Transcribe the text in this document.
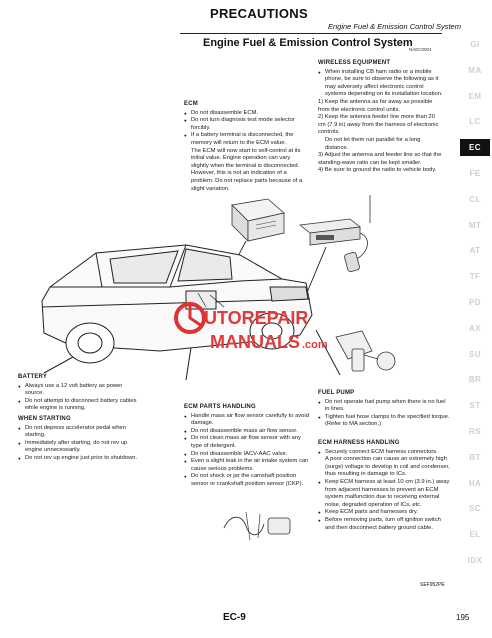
PRECAUTIONS
Engine Fuel & Emission Control System
Engine Fuel & Emission Control System
NAEC0004
WIRELESS EQUIPMENT
● When installing CB ham radio or a mobile phone, be sure to observe the following as it may adversely affect electronic control systems depending on its installation location.
1) Keep the antenna as far away as possible from the electronic control units.
2) Keep the antenna feeder line more than 20 cm (7.9 in) away from the harness of electronic controls.
Do not let them run parallel for a long distance.
3) Adjust the antenna and feeder line so that the standing-wave ratio can be kept smaller.
4) Be sure to ground the radio to vehicle body.
ECM
● Do not disassemble ECM.
● Do not turn diagnosis test mode selector forcibly.
● If a battery terminal is disconnected, the memory will return to the ECM value.
The ECM will now start to self-control at its initial value. Engine operation can vary slightly when the terminal is disconnected. However, this is not an indication of a problem. Do not replace parts because of a slight variation.
UTOREPAIR
MANUALS .com
BATTERY
● Always use a 12 volt battery as power source.
● Do not attempt to disconnect battery cables while engine is running.
WHEN STARTING
● Do not depress accelerator pedal when starting.
● Immediately after starting, do not rev up engine unnecessarily.
● Do not rev up engine just prior to shutdown.
ECM PARTS HANDLING
● Handle mass air flow sensor carefully to avoid damage.
● Do not disassemble mass air flow sensor.
● Do not clean mass air flow sensor with any type of detergent.
● Do not disassemble IACV-AAC valve.
● Even a slight leak in the air intake system can cause serious problems.
● Do not shock or jar the camshaft position sensor or crankshaft position sensor (CKP).
FUEL PUMP
● Do not operate fuel pump when there is no fuel in lines.
● Tighten fuel hose clamps to the specified torque. (Refer to MA section.)
ECM HARNESS HANDLING
● Securely connect ECM harness connectors.
A poor connection can cause an extremely high (surge) voltage to develop in coil and condenser, thus resulting in damage to ICs.
● Keep ECM harness at least 10 cm (3.9 in.) away from adjacent harnesses to prevent an ECM system malfunction due to receiving external noise, degraded operation of ICs, etc.
● Keep ECM parts and harnesses dry.
● Before removing parts, turn off ignition switch and then disconnect battery ground cable.
SEF952PE
GI
MA
EM
LC
EC
FE
CL
MT
AT
TF
PD
AX
SU
BR
ST
RS
BT
HA
SC
EL
IDX
EC-9	195
